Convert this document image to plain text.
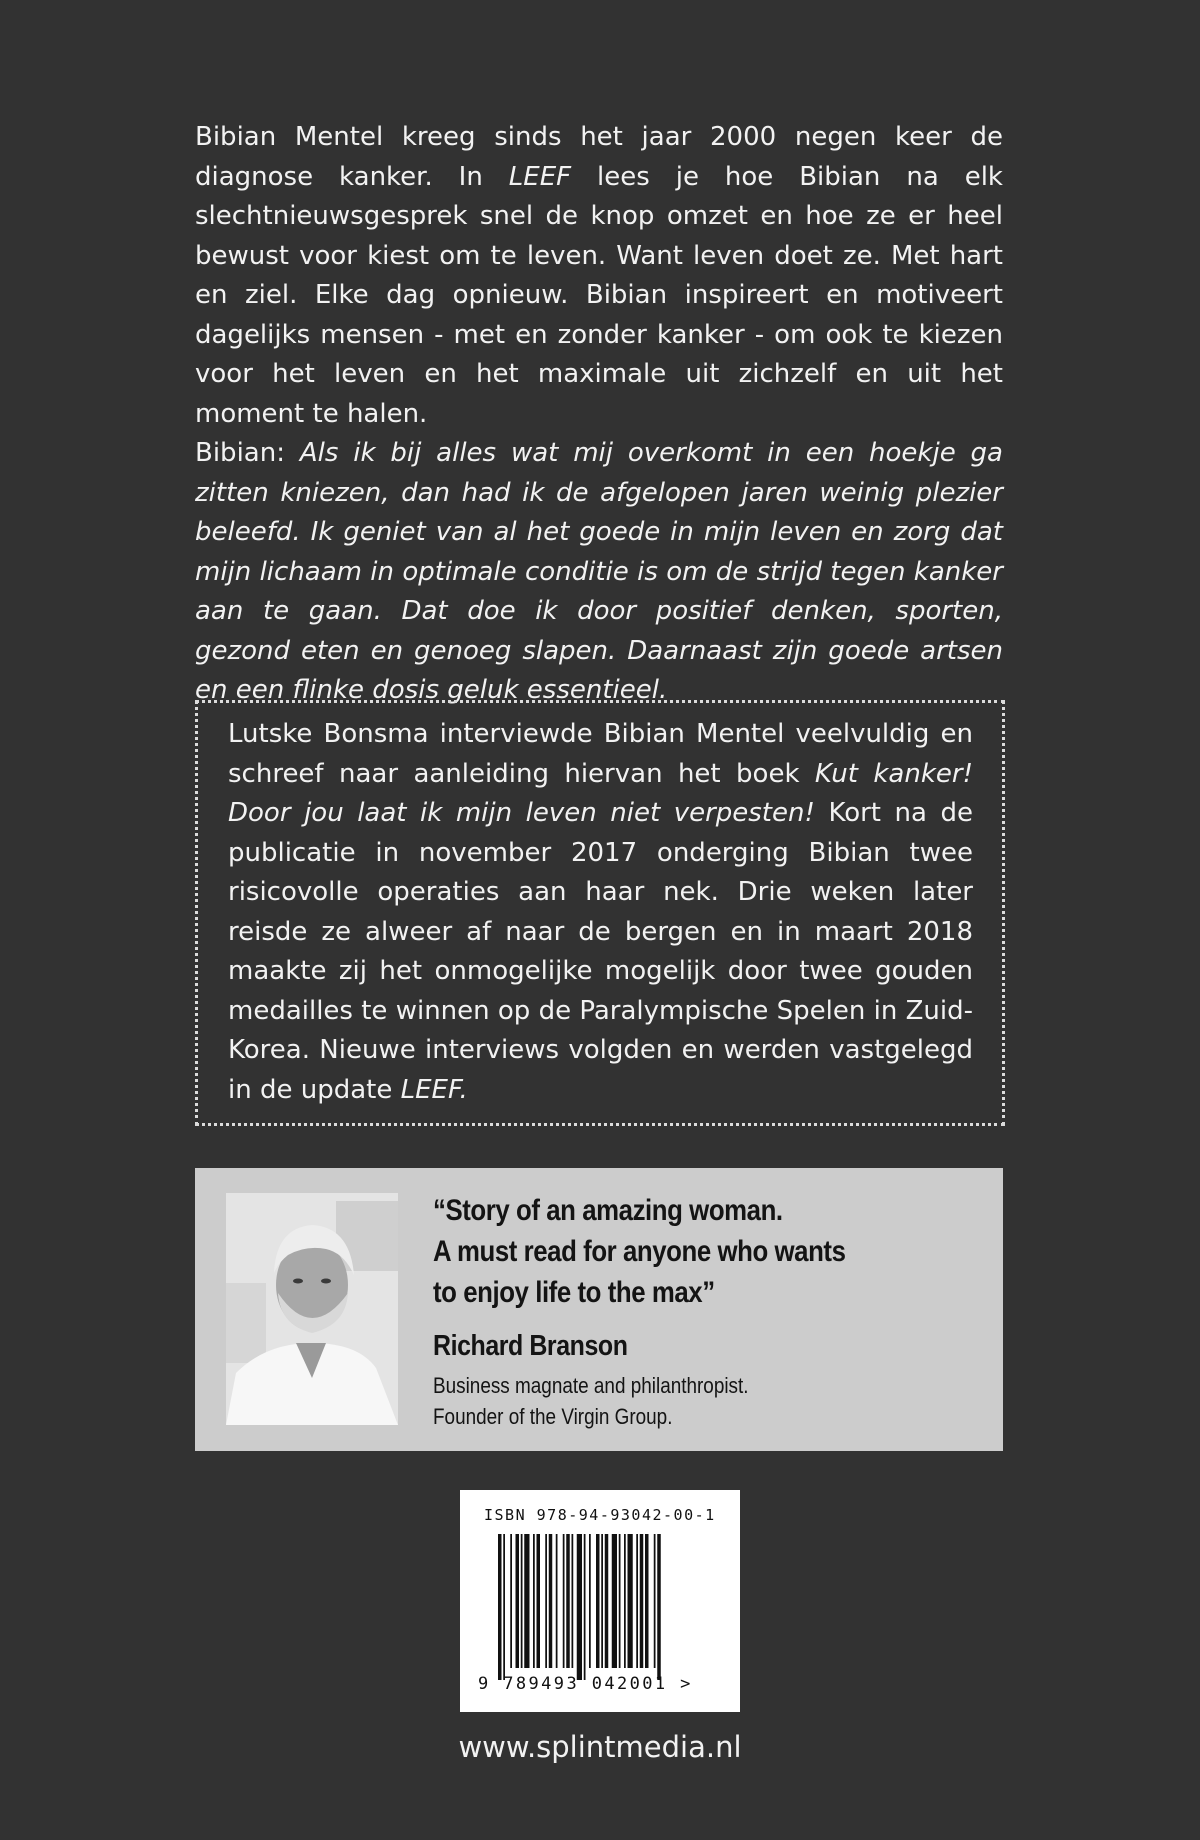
Bibian Mentel kreeg sinds het jaar 2000 negen keer de diagnose kanker. In LEEF lees je hoe Bibian na elk slechtnieuwsgesprek snel de knop omzet en hoe ze er heel bewust voor kiest om te leven. Want leven doet ze. Met hart en ziel. Elke dag opnieuw. Bibian inspireert en motiveert dagelijks mensen - met en zonder kanker - om ook te kiezen voor het leven en het maximale uit zichzelf en uit het moment te halen.

Bibian: Als ik bij alles wat mij overkomt in een hoekje ga zitten kniezen, dan had ik de afgelopen jaren weinig plezier beleefd. Ik geniet van al het goede in mijn leven en zorg dat mijn lichaam in optimale conditie is om de strijd tegen kanker aan te gaan. Dat doe ik door positief denken, sporten, gezond eten en genoeg slapen. Daarnaast zijn goede artsen en een flinke dosis geluk essentieel.

Lutske Bonsma interviewde Bibian Mentel veelvuldig en schreef naar aanleiding hiervan het boek Kut kanker! Door jou laat ik mijn leven niet verpesten! Kort na de publicatie in november 2017 onderging Bibian twee risicovolle operaties aan haar nek. Drie weken later reisde ze alweer af naar de bergen en in maart 2018 maakte zij het onmogelijke mogelijk door twee gouden medailles te winnen op de Paralympische Spelen in Zuid-Korea. Nieuwe interviews volgden en werden vastgelegd in de update LEEF.

“Story of an amazing woman.
A must read for anyone who wants
to enjoy life to the max”
Richard Branson
Business magnate and philanthropist.
Founder of the Virgin Group.
ISBN 978-94-93042-00-1
9 789493 042001 >
www.splintmedia.nl
